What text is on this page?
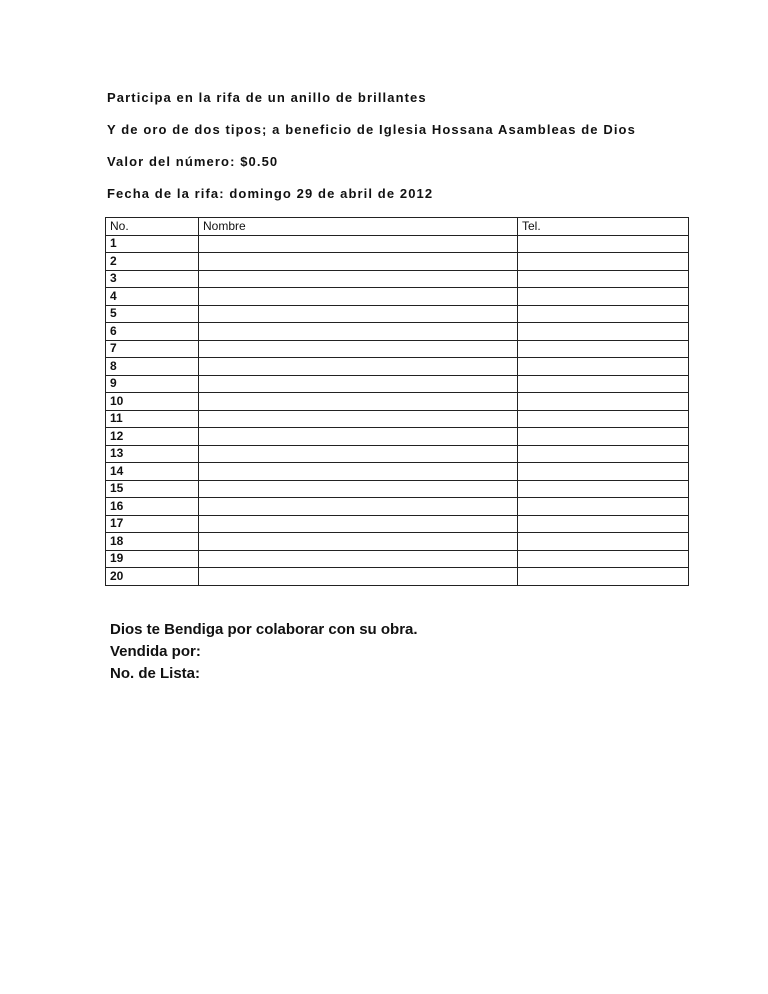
Participa en la rifa de un anillo de brillantes
Y de oro de dos tipos; a beneficio de Iglesia Hossana Asambleas de Dios
Valor del número: $0.50
Fecha de la rifa: domingo 29 de abril de 2012
No.	Nombre	Tel.
1		
2		
3		
4		
5		
6		
7		
8		
9		
10		
11		
12		
13		
14		
15		
16		
17		
18		
19		
20		
Dios te Bendiga por colaborar con su obra.
Vendida por:
No. de Lista:
